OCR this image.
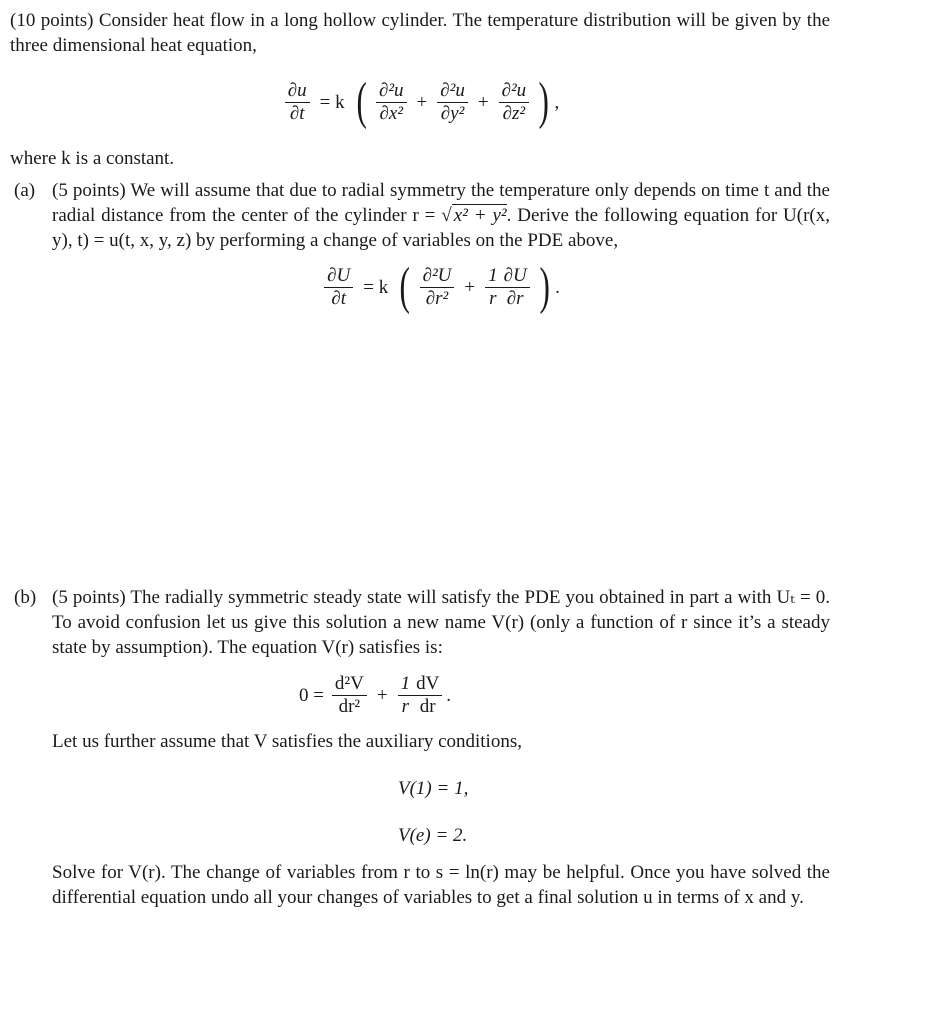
(10 points) Consider heat flow in a long hollow cylinder. The temperature distribution will be given by the three dimensional heat equation,

$\frac{\partial u}{\partial t} = k$ ( $\frac{\text{∂²u}}{\text{∂x²}} + \frac{\text{∂²u}}{\text{∂y²}} + \frac{\text{∂²u}}{\text{∂z²}}$ ) ,

where k is a constant.

(a) (5 points) We will assume that due to radial symmetry the temperature only depends on time t and the radial distance from the center of the cylinder r = √ x² + y². Derive the following equation for U(r(x, y), t) = u(t, x, y, z) by performing a change of variables on the PDE above,
$\frac{\partial U}{\partial t} = k$ ( $\frac{\text{∂²U}}{\text{∂r²}} + \frac{1}{r} \frac{\partial U}{\partial r}$ ) .
(b) (5 points) The radially symmetric steady state will satisfy the PDE you obtained in part a with Uₜ = 0. To avoid confusion let us give this solution a new name V(r) (only a function of r since it’s a steady state by assumption). The equation V(r) satisfies is:
$0 = \frac{\text{d²V}}{\text{dr²}} + \frac{1}{r} \frac{dV}{dr}$ .

Let us further assume that V satisfies the auxiliary conditions,

V(1) = 1,

V(e) = 2.

Solve for V(r). The change of variables from r to s = ln(r) may be helpful. Once you have solved the differential equation undo all your changes of variables to get a final solution u in terms of x and y.
